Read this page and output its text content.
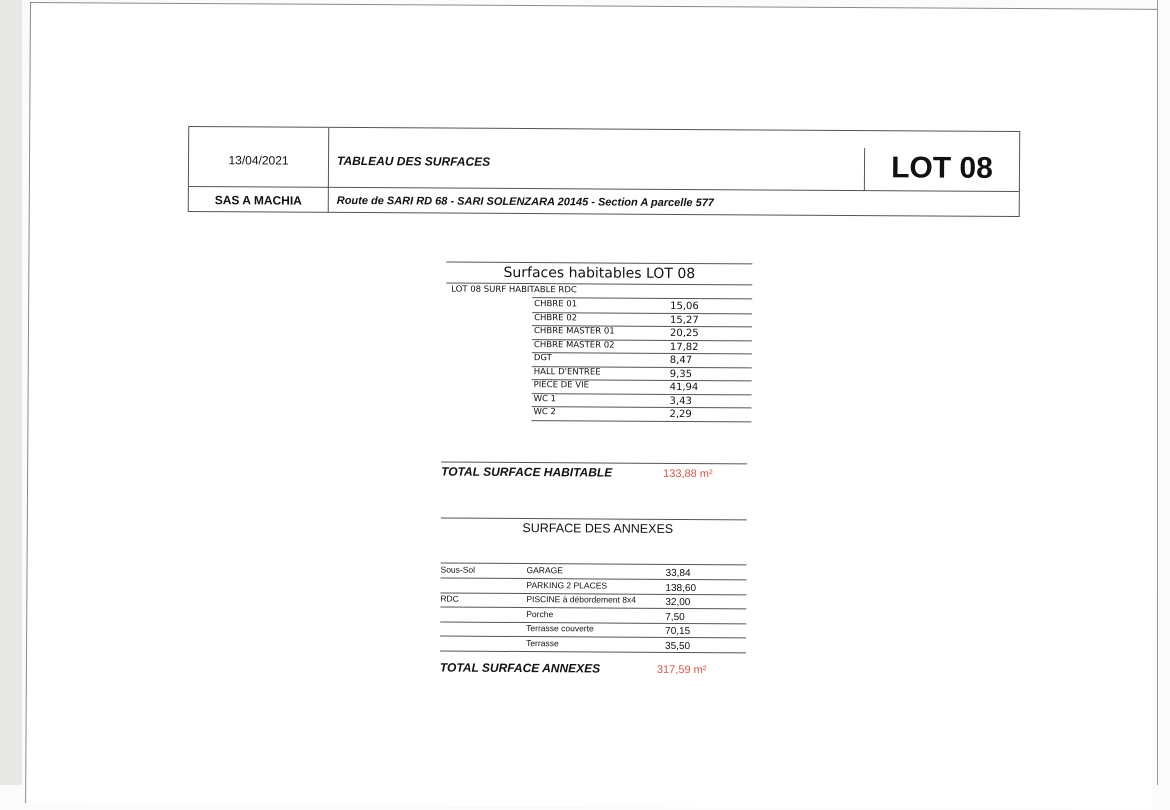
13/04/2021	TABLEAU DES SURFACES	LOT 08
SAS A MACHIA	Route de SARI RD 68 - SARI SOLENZARA 20145 - Section A parcelle 577
Surfaces habitables LOT 08
LOT 08 SURF HABITABLE RDC
CHBRE 01	15,06
CHBRE 02	15,27
CHBRE MASTER 01	20,25
CHBRE MASTER 02	17,82
DGT	8,47
HALL D'ENTREE	9,35
PIECE DE VIE	41,94
WC 1	3,43
WC 2	2,29
TOTAL SURFACE HABITABLE	133,88 m²
SURFACE DES ANNEXES
Sous-Sol	GARAGE	33,84
PARKING 2 PLACES	138,60
RDC	PISCINE à débordement 8x4	32,00
Porche	7,50
Terrasse couverte	70,15
Terrasse	35,50
TOTAL SURFACE ANNEXES	317,59 m²
